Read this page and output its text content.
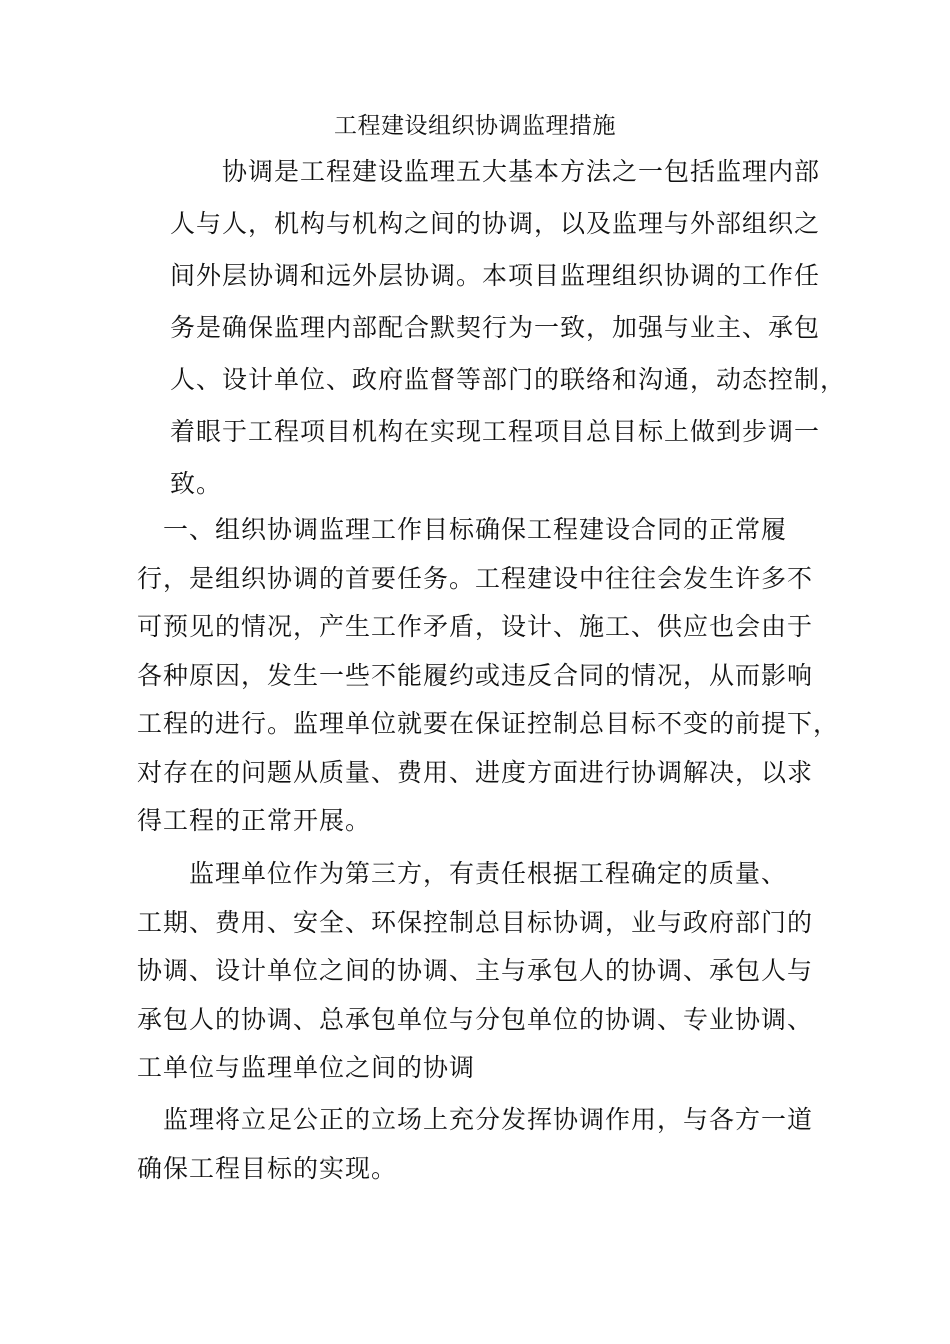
工程建设组织协调监理措施
　　协调是工程建设监理五大基本方法之一包括监理内部
人与人，机构与机构之间的协调，以及监理与外部组织之
间外层协调和远外层协调。本项目监理组织协调的工作任
务是确保监理内部配合默契行为一致，加强与业主、承包
人、设计单位、政府监督等部门的联络和沟通，动态控制，
着眼于工程项目机构在实现工程项目总目标上做到步调一
致。
　一、组织协调监理工作目标确保工程建设合同的正常履
行，是组织协调的首要任务。工程建设中往往会发生许多不
可预见的情况，产生工作矛盾，设计、施工、供应也会由于
各种原因，发生一些不能履约或违反合同的情况，从而影响
工程的进行。监理单位就要在保证控制总目标不变的前提下，
对存在的问题从质量、费用、进度方面进行协调解决，以求
得工程的正常开展。
　　监理单位作为第三方，有责任根据工程确定的质量、
工期、费用、安全、环保控制总目标协调，业与政府部门的
协调、设计单位之间的协调、主与承包人的协调、承包人与
承包人的协调、总承包单位与分包单位的协调、专业协调、
工单位与监理单位之间的协调
　监理将立足公正的立场上充分发挥协调作用，与各方一道
确保工程目标的实现。
